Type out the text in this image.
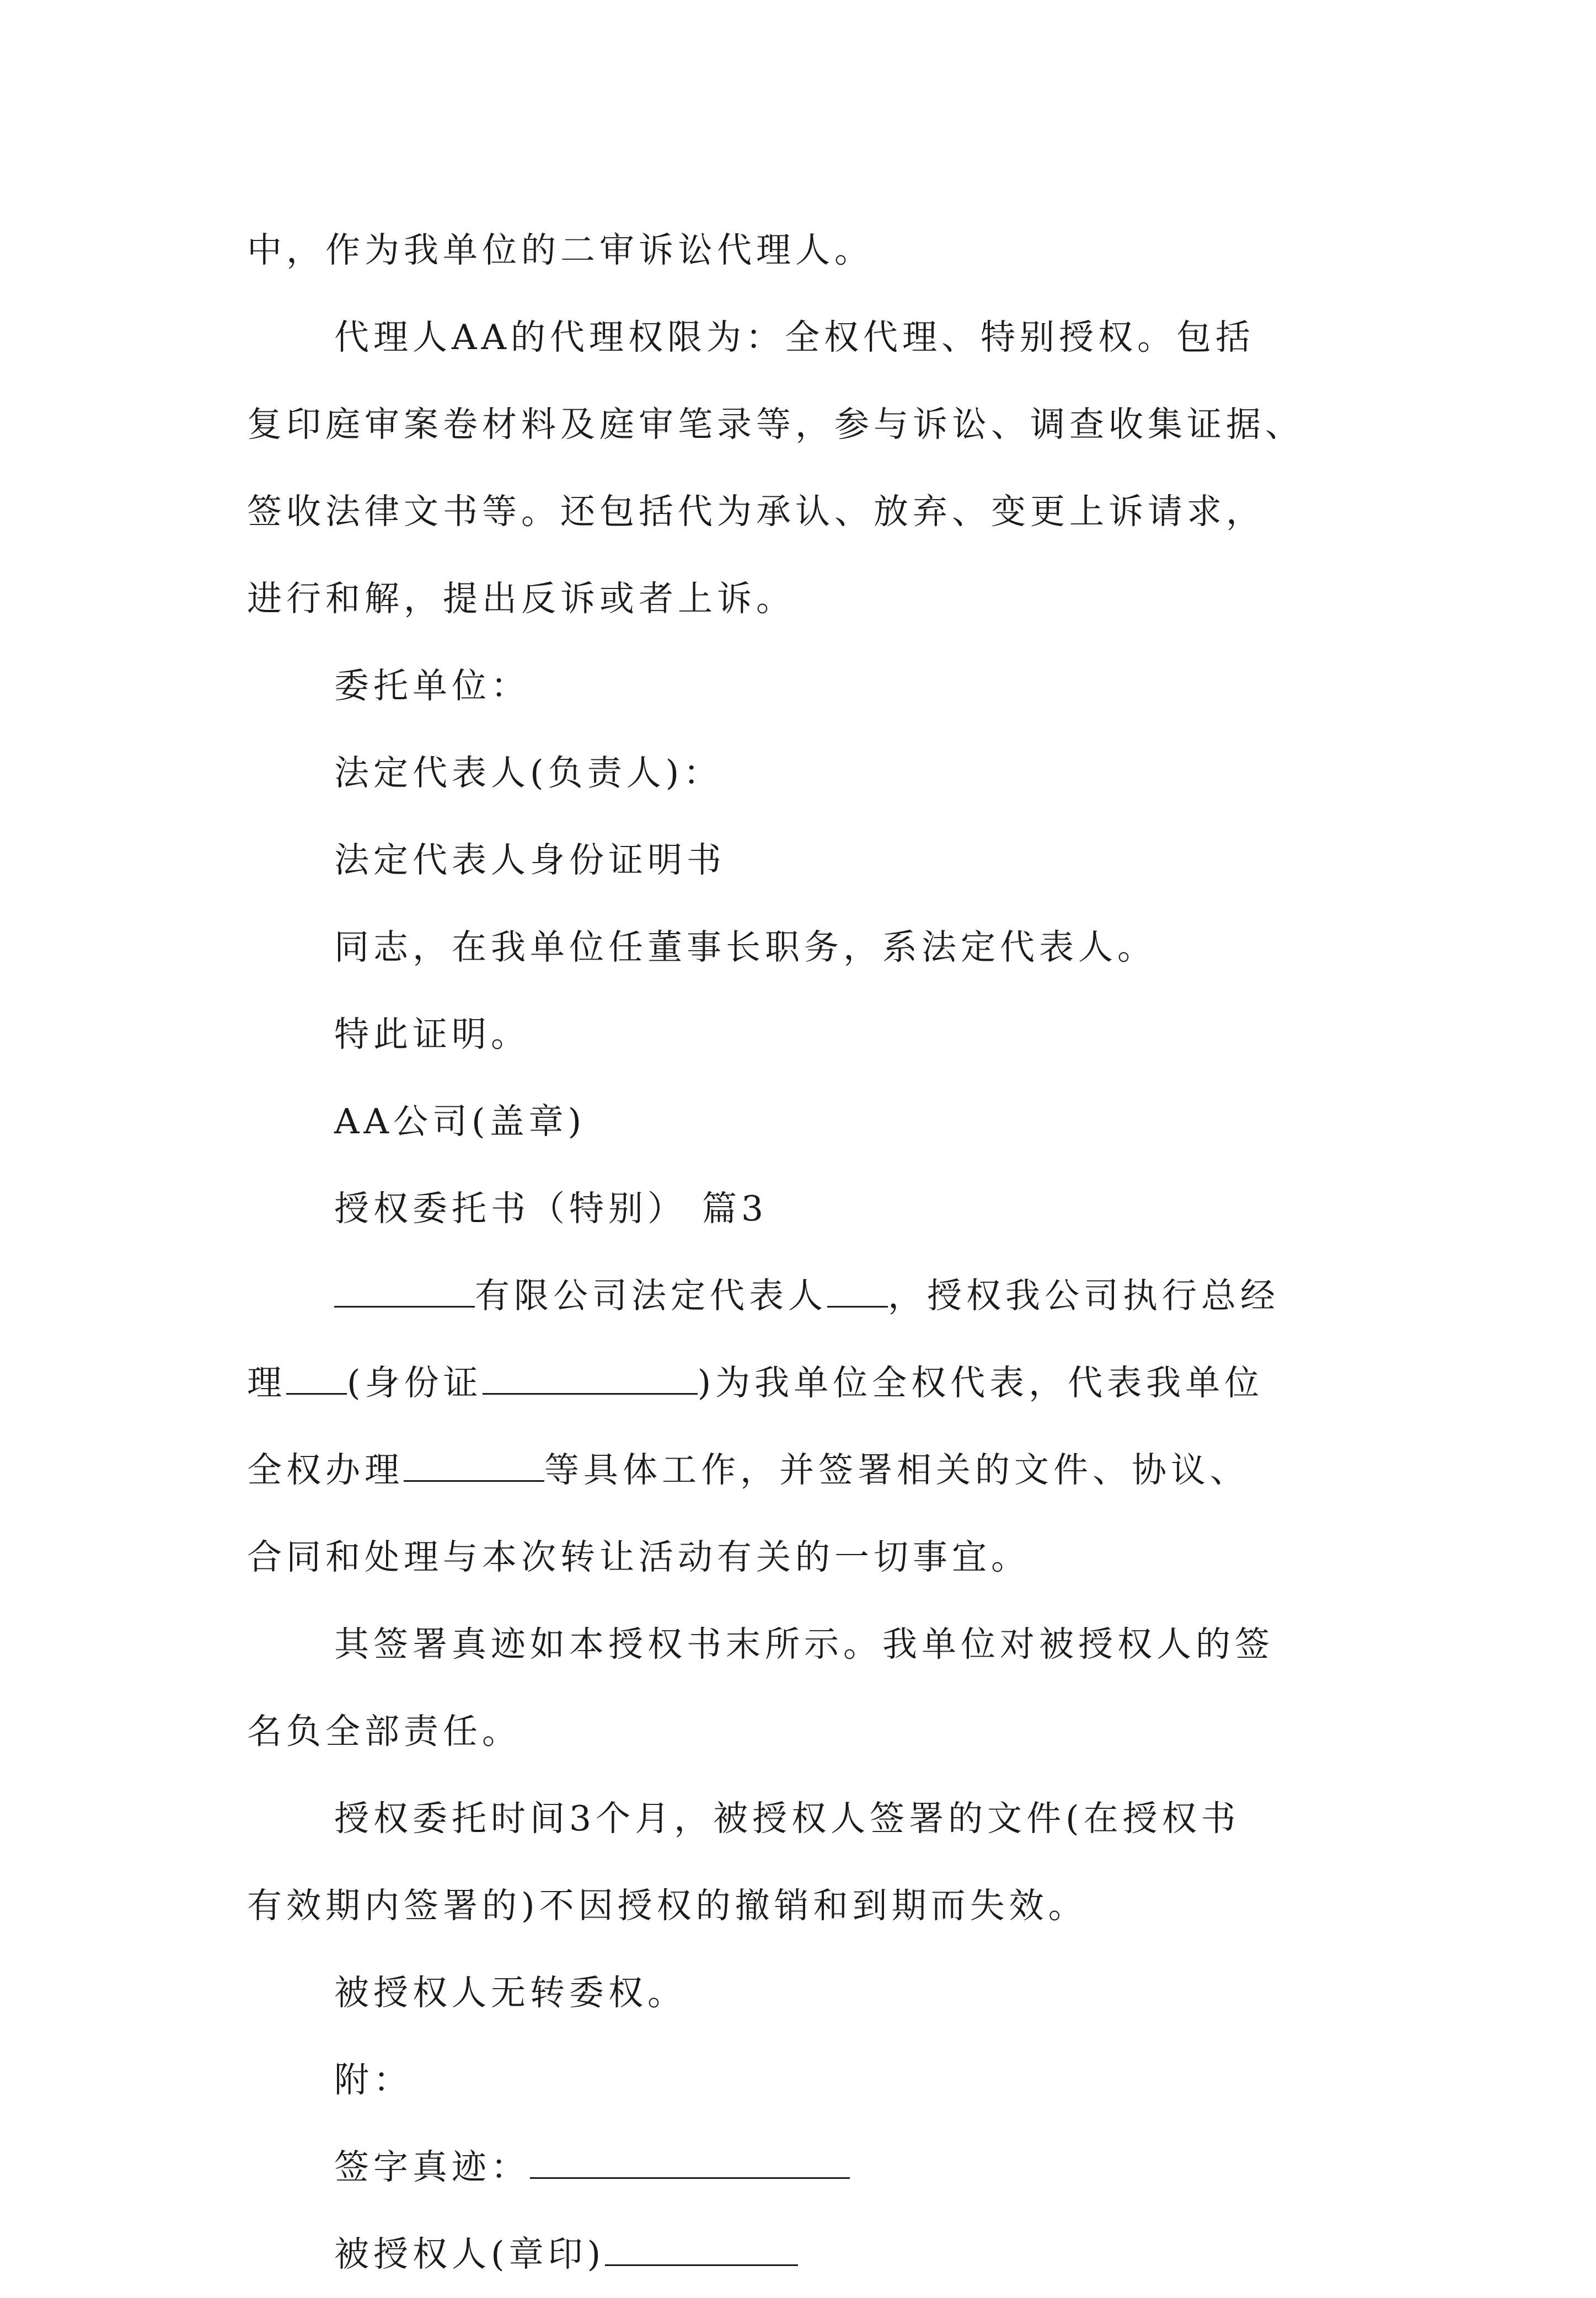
中，作为我单位的二审诉讼代理人。
代理人AA的代理权限为：全权代理、特别授权。包括
复印庭审案卷材料及庭审笔录等，参与诉讼、调查收集证据、
签收法律文书等。还包括代为承认、放弃、变更上诉请求，
进行和解，提出反诉或者上诉。
委托单位：
法定代表人(负责人)：
法定代表人身份证明书
同志，在我单位任董事长职务，系法定代表人。
特此证明。
AA公司(盖章)
授权委托书（特别） 篇3
有限公司法定代表人 ，授权我公司执行总经
理 (身份证	)为我单位全权代表，代表我单位
全权办理	等具体工作，并签署相关的文件、协议、
合同和处理与本次转让活动有关的一切事宜。
其签署真迹如本授权书末所示。我单位对被授权人的签
名负全部责任。
授权委托时间3个月，被授权人签署的文件(在授权书
有效期内签署的)不因授权的撤销和到期而失效。
被授权人无转委权。
附：
签字真迹：
被授权人(章印)
